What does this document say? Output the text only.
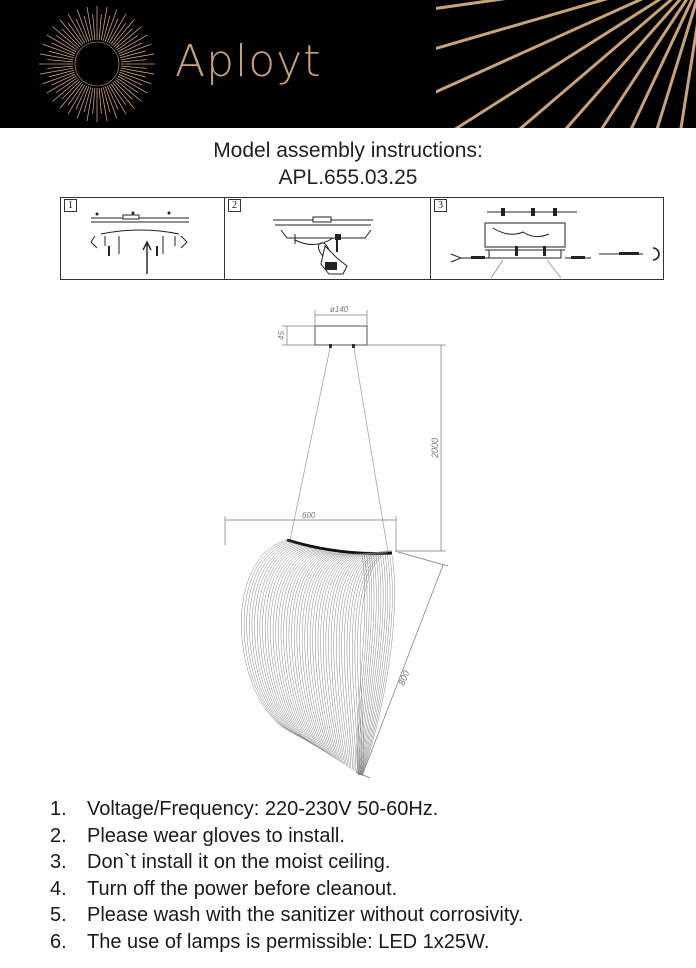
Aployt
Model assembly instructions:
APL.655.03.25
1	2	3
ø140
45
2000
600
800
1. Voltage/Frequency: 220-230V 50-60Hz.
2. Please wear gloves to install.
3. Don`t install it on the moist ceiling.
4. Turn off the power before cleanout.
5. Please wash with the sanitizer without corrosivity.
6. The use of lamps is permissible: LED 1x25W.
